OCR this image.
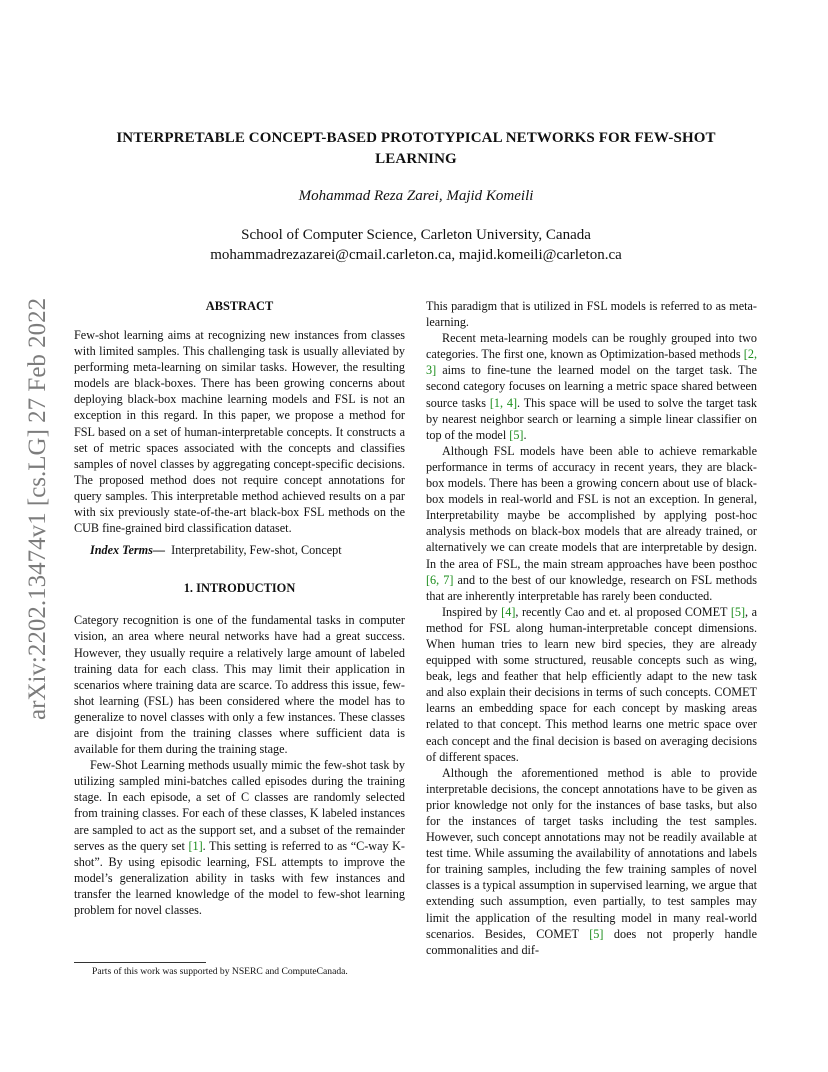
arXiv:2202.13474v1 [cs.LG] 27 Feb 2022
INTERPRETABLE CONCEPT-BASED PROTOTYPICAL NETWORKS FOR FEW-SHOT
LEARNING
Mohammad Reza Zarei, Majid Komeili
School of Computer Science, Carleton University, Canada
mohammadrezazarei@cmail.carleton.ca, majid.komeili@carleton.ca
ABSTRACT

Few-shot learning aims at recognizing new instances from classes with limited samples. This challenging task is usually alleviated by performing meta-learning on similar tasks. However, the resulting models are black-boxes. There has been growing concerns about deploying black-box machine learning models and FSL is not an exception in this regard. In this paper, we propose a method for FSL based on a set of human-interpretable concepts. It constructs a set of metric spaces associated with the concepts and classifies samples of novel classes by aggregating concept-specific decisions. The proposed method does not require concept annotations for query samples. This interpretable method achieved results on a par with six previously state-of-the-art black-box FSL methods on the CUB fine-grained bird classification dataset.

Index Terms— Interpretability, Few-shot, Concept

1. INTRODUCTION

Category recognition is one of the fundamental tasks in computer vision, an area where neural networks have had a great success. However, they usually require a relatively large amount of labeled training data for each class. This may limit their application in scenarios where training data are scarce. To address this issue, few-shot learning (FSL) has been considered where the model has to generalize to novel classes with only a few instances. These classes are disjoint from the training classes where sufficient data is available for them during the training stage.

Few-Shot Learning methods usually mimic the few-shot task by utilizing sampled mini-batches called episodes during the training stage. In each episode, a set of C classes are randomly selected from training classes. For each of these classes, K labeled instances are sampled to act as the support set, and a subset of the remainder serves as the query set [1]. This setting is referred to as “C-way K-shot”. By using episodic learning, FSL attempts to improve the model’s generalization ability in tasks with few instances and transfer the learned knowledge of the model to few-shot learning problem for novel classes.

Parts of this work was supported by NSERC and ComputeCanada.

This paradigm that is utilized in FSL models is referred to as meta-learning.

Recent meta-learning models can be roughly grouped into two categories. The first one, known as Optimization-based methods [2, 3] aims to fine-tune the learned model on the target task. The second category focuses on learning a metric space shared between source tasks [1, 4]. This space will be used to solve the target task by nearest neighbor search or learning a simple linear classifier on top of the model [5].

Although FSL models have been able to achieve remarkable performance in terms of accuracy in recent years, they are black-box models. There has been a growing concern about use of black-box models in real-world and FSL is not an exception. In general, Interpretability maybe be accomplished by applying post-hoc analysis methods on black-box models that are already trained, or alternatively we can create models that are interpretable by design. In the area of FSL, the main stream approaches have been posthoc [6, 7] and to the best of our knowledge, research on FSL methods that are inherently interpretable has rarely been conducted.

Inspired by [4], recently Cao and et. al proposed COMET [5], a method for FSL along human-interpretable concept dimensions. When human tries to learn new bird species, they are already equipped with some structured, reusable concepts such as wing, beak, legs and feather that help efficiently adapt to the new task and also explain their decisions in terms of such concepts. COMET learns an embedding space for each concept by masking areas related to that concept. This method learns one metric space over each concept and the final decision is based on averaging decisions of different spaces.

Although the aforementioned method is able to provide interpretable decisions, the concept annotations have to be given as prior knowledge not only for the instances of base tasks, but also for the instances of target tasks including the test samples. However, such concept annotations may not be readily available at test time. While assuming the availability of annotations and labels for training samples, including the few training samples of novel classes is a typical assumption in supervised learning, we argue that extending such assumption, even partially, to test samples may limit the application of the resulting model in many real-world scenarios. Besides, COMET [5] does not properly handle commonalities and dif-
